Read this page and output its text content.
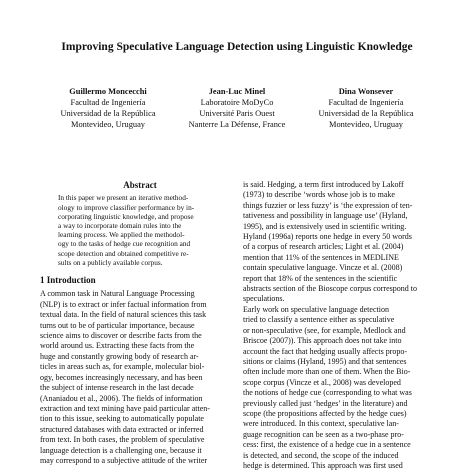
Improving Speculative Language Detection using Linguistic Knowledge
Guillermo Moncecchi
Facultad de Ingeniería
Universidad de la República
Montevideo, Uruguay
Jean-Luc Minel
Laboratoire MoDyCo
Université Paris Ouest
Nanterre La Défense, France
Dina Wonsever
Facultad de Ingeniería
Universidad de la República
Montevideo, Uruguay
Abstract
In this paper we present an iterative method-
ology to improve classifier performance by in-
corporating linguistic knowledge, and propose
a way to incorporate domain rules into the
learning process. We applied the methodol-
ogy to the tasks of hedge cue recognition and
scope detection and obtained competitive re-
sults on a publicly available corpus.
1 Introduction
A common task in Natural Language Processing
(NLP) is to extract or infer factual information from
textual data. In the field of natural sciences this task
turns out to be of particular importance, because
science aims to discover or describe facts from the
world around us. Extracting these facts from the
huge and constantly growing body of research ar-
ticles in areas such as, for example, molecular biol-
ogy, becomes increasingly necessary, and has been
the subject of intense research in the last decade
(Ananiadou et al., 2006). The fields of information
extraction and text mining have paid particular atten-
tion to this issue, seeking to automatically populate
structured databases with data extracted or inferred
from text. In both cases, the problem of speculative
language detection is a challenging one, because it
may correspond to a subjective attitude of the writer
is said. Hedging, a term first introduced by Lakoff
(1973) to describe ‘words whose job is to make
things fuzzier or less fuzzy’ is ‘the expression of ten-
tativeness and possibility in language use’ (Hyland,
1995), and is extensively used in scientific writing.
Hyland (1996a) reports one hedge in every 50 words
of a corpus of research articles; Light et al. (2004)
mention that 11% of the sentences in MEDLINE
contain speculative language. Vincze et al. (2008)
report that 18% of the sentences in the scientific
abstracts section of the Bioscope corpus correspond to
speculations.
Early work on speculative language detection
tried to classify a sentence either as speculative
or non-speculative (see, for example, Medlock and
Briscoe (2007)). This approach does not take into
account the fact that hedging usually affects propo-
sitions or claims (Hyland, 1995) and that sentences
often include more than one of them. When the Bio-
scope corpus (Vincze et al., 2008) was developed
the notions of hedge cue (corresponding to what was
previously called just ‘hedges’ in the literature) and
scope (the propositions affected by the hedge cues)
were introduced. In this context, speculative lan-
guage recognition can be seen as a two-phase pro-
cess: first, the existence of a hedge cue in a sentence
is detected, and second, the scope of the induced
hedge is determined. This approach was first used
